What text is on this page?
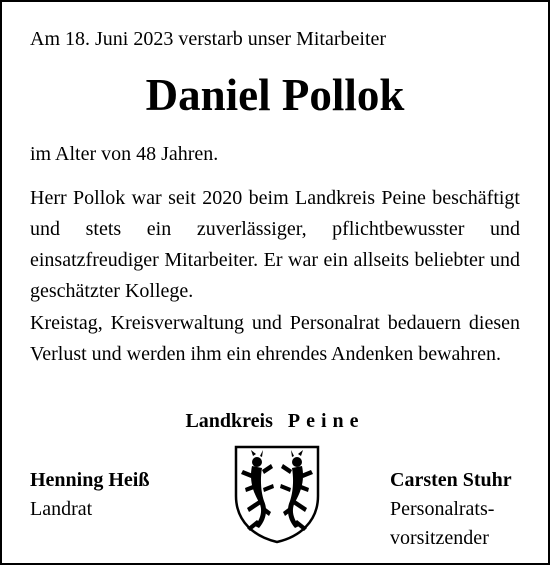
Am 18. Juni 2023 verstarb unser Mitarbeiter
Daniel Pollok
im Alter von 48 Jahren.

Herr Pollok war seit 2020 beim Landkreis Peine beschäftigt und stets ein zuverlässiger, pflichtbewusster und einsatzfreudiger Mitarbeiter. Er war ein allseits beliebter und geschätzter Kollege.

Kreistag, Kreisverwaltung und Personalrat bedauern diesen Verlust und werden ihm ein ehrendes Andenken bewahren.

Landkreis Peine
Henning Heiß
Landrat
Carsten Stuhr
Personalrats-
vorsitzender
